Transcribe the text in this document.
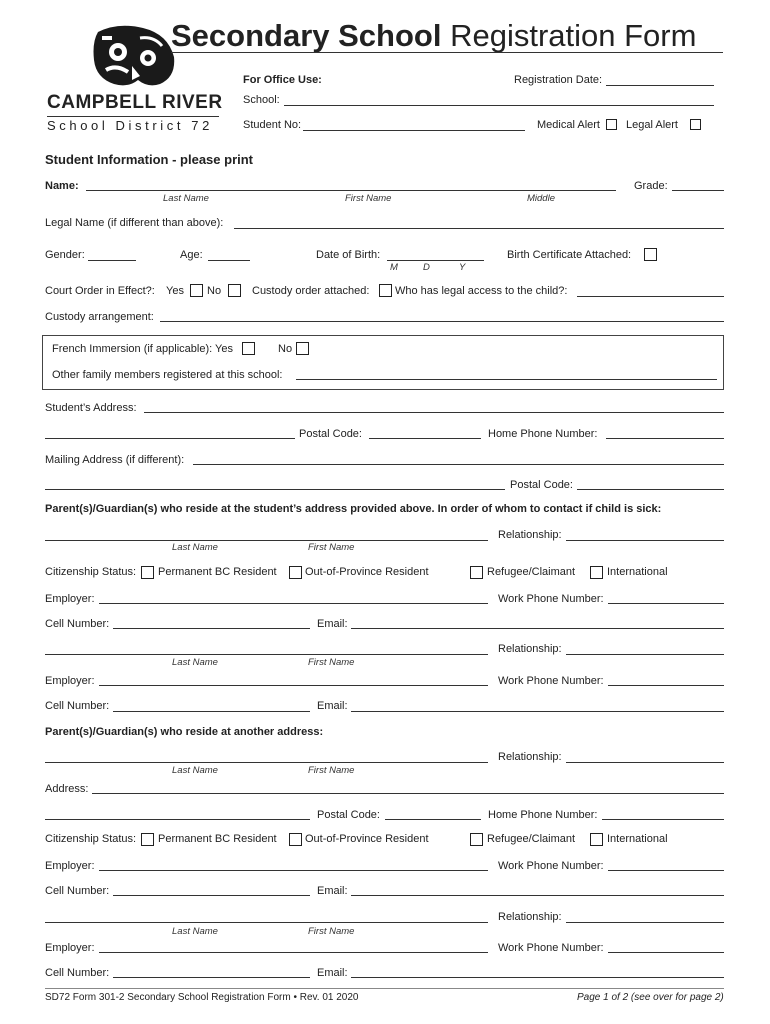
CAMPBELL RIVER
School District 72
Secondary School Registration Form
For Office Use:	Registration Date:
School:
Student No:	Medical Alert Legal Alert
Student Information - please print
Name:	Grade:
Last Name	First Name	Middle
Legal Name (if different than above):
Gender:	Age:	Date of Birth:
M	D	Y
Birth Certificate Attached:
Court Order in Effect?: Yes No	Custody order attached: Who has legal access to the child?:
Custody arrangement:
French Immersion (if applicable): Yes	No
Other family members registered at this school:
Student’s Address:
Postal Code:	Home Phone Number:
Mailing Address (if different):
Postal Code:
Parent(s)/Guardian(s) who reside at the student’s address provided above. In order of whom to contact if child is sick:
Relationship:
Last Name	First Name
Citizenship Status: Permanent BC Resident	Out-of-Province Resident	Refugee/Claimant	International
Employer:	Work Phone Number:
Cell Number:	Email:
Relationship:
Last Name	First Name
Employer:	Work Phone Number:
Cell Number:	Email:
Parent(s)/Guardian(s) who reside at another address:
Relationship:
Last Name	First Name
Address:
Postal Code:	Home Phone Number:
Citizenship Status: Permanent BC Resident	Out-of-Province Resident	Refugee/Claimant	International
Employer:	Work Phone Number:
Cell Number:	Email:
Relationship:
Last Name	First Name
Employer:	Work Phone Number:
Cell Number:	Email:
SD72 Form 301-2 Secondary School Registration Form • Rev. 01 2020	Page 1 of 2 (see over for page 2)
